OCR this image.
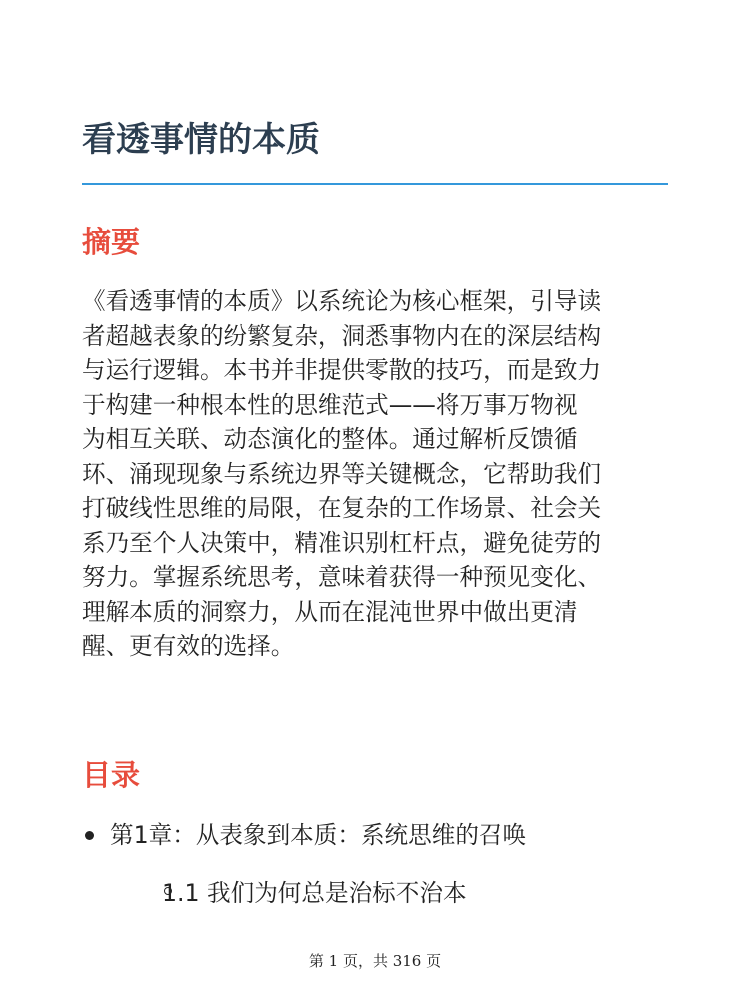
看透事情的本质
摘要

《看透事情的本质》以系统论为核心框架，引导读
者超越表象的纷繁复杂，洞悉事物内在的深层结构
与运行逻辑。本书并非提供零散的技巧，而是致力
于构建一种根本性的思维范式——将万事万物视
为相互关联、动态演化的整体。通过解析反馈循
环、涌现现象与系统边界等关键概念，它帮助我们
打破线性思维的局限，在复杂的工作场景、社会关
系乃至个人决策中，精准识别杠杆点，避免徒劳的
努力。掌握系统思考，意味着获得一种预见变化、
理解本质的洞察力，从而在混沌世界中做出更清
醒、更有效的选择。

目录
第1章：从表象到本质：系统思维的召唤
1.1 我们为何总是治标不治本
第 1 页，共 316 页
